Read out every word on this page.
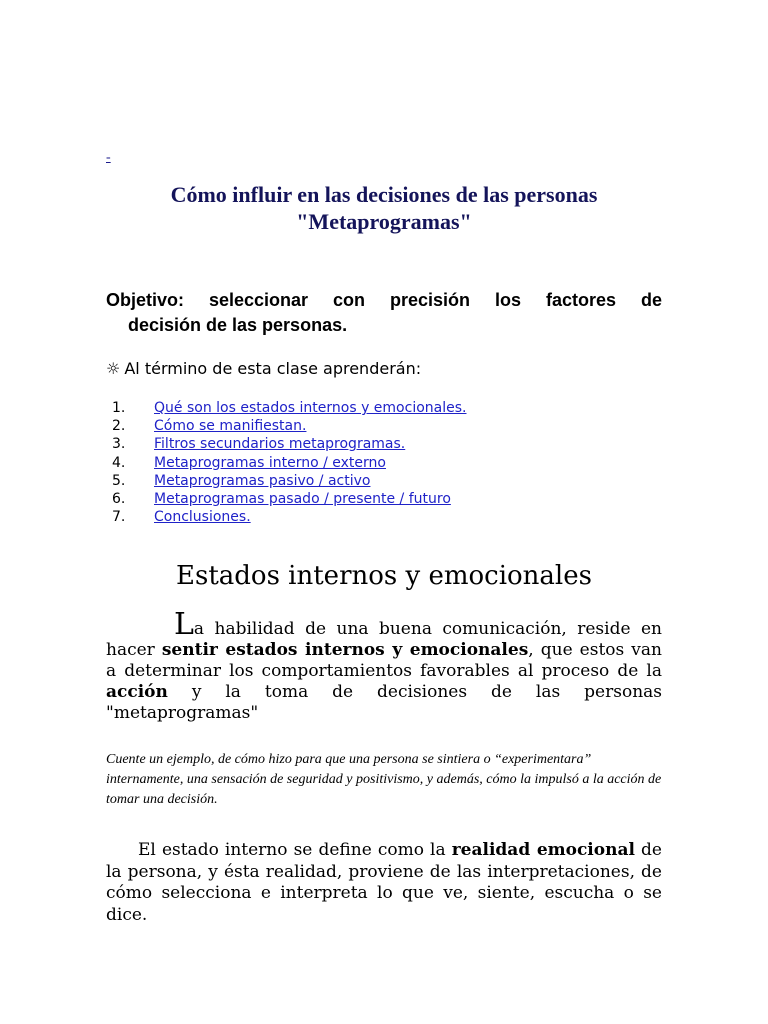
-
Cómo influir en las decisiones de las personas
"Metaprogramas"
Objetivo: seleccionar con precisión los factores de
decisión de las personas.
☼ Al término de esta clase aprenderán:
1. Qué son los estados internos y emocionales.
2. Cómo se manifiestan.
3. Filtros secundarios metaprogramas.
4. Metaprogramas interno / externo
5. Metaprogramas pasivo / activo
6. Metaprogramas pasado / presente / futuro
7. Conclusiones.
Estados internos y emocionales
La habilidad de una buena comunicación, reside en hacer sentir estados internos y emocionales, que estos van a determinar los comportamientos favorables al proceso de la acción y la toma de decisiones de las personas "metaprogramas"
Cuente un ejemplo, de cómo hizo para que una persona se sintiera o “experimentara” internamente, una sensación de seguridad y positivismo, y además, cómo la impulsó a la acción de tomar una decisión.
El estado interno se define como la realidad emocional de la persona, y ésta realidad, proviene de las interpretaciones, de cómo selecciona e interpreta lo que ve, siente, escucha o se dice.
